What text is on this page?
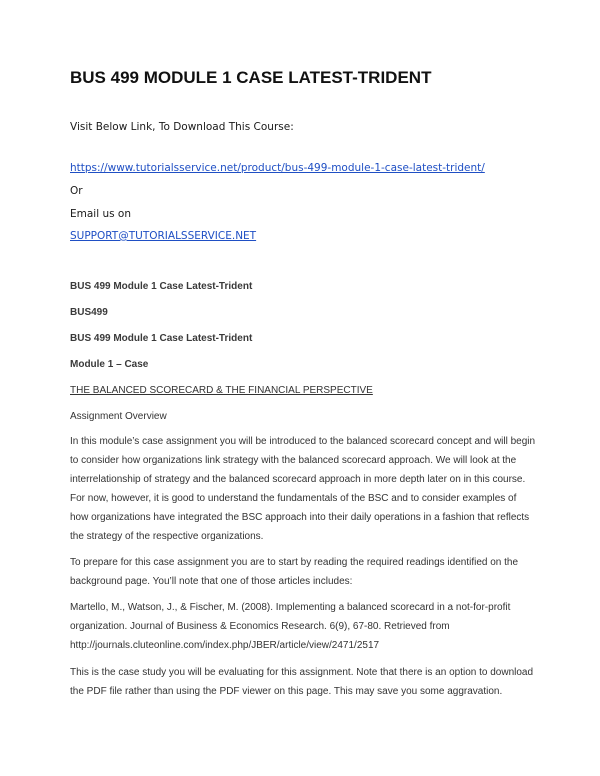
BUS 499 MODULE 1 CASE LATEST-TRIDENT
Visit Below Link, To Download This Course:
https://www.tutorialsservice.net/product/bus-499-module-1-case-latest-trident/
Or
Email us on
SUPPORT@TUTORIALSSERVICE.NET
BUS 499 Module 1 Case Latest-Trident
BUS499
BUS 499 Module 1 Case Latest-Trident
Module 1 – Case
THE BALANCED SCORECARD & THE FINANCIAL PERSPECTIVE
Assignment Overview
In this module’s case assignment you will be introduced to the balanced scorecard concept and will begin
to consider how organizations link strategy with the balanced scorecard approach. We will look at the
interrelationship of strategy and the balanced scorecard approach in more depth later on in this course.
For now, however, it is good to understand the fundamentals of the BSC and to consider examples of
how organizations have integrated the BSC approach into their daily operations in a fashion that reflects
the strategy of the respective organizations.
To prepare for this case assignment you are to start by reading the required readings identified on the
background page. You’ll note that one of those articles includes:
Martello, M., Watson, J., & Fischer, M. (2008). Implementing a balanced scorecard in a not-for-profit
organization. Journal of Business & Economics Research. 6(9), 67-80. Retrieved from
http://journals.cluteonline.com/index.php/JBER/article/view/2471/2517
This is the case study you will be evaluating for this assignment. Note that there is an option to download
the PDF file rather than using the PDF viewer on this page. This may save you some aggravation.
